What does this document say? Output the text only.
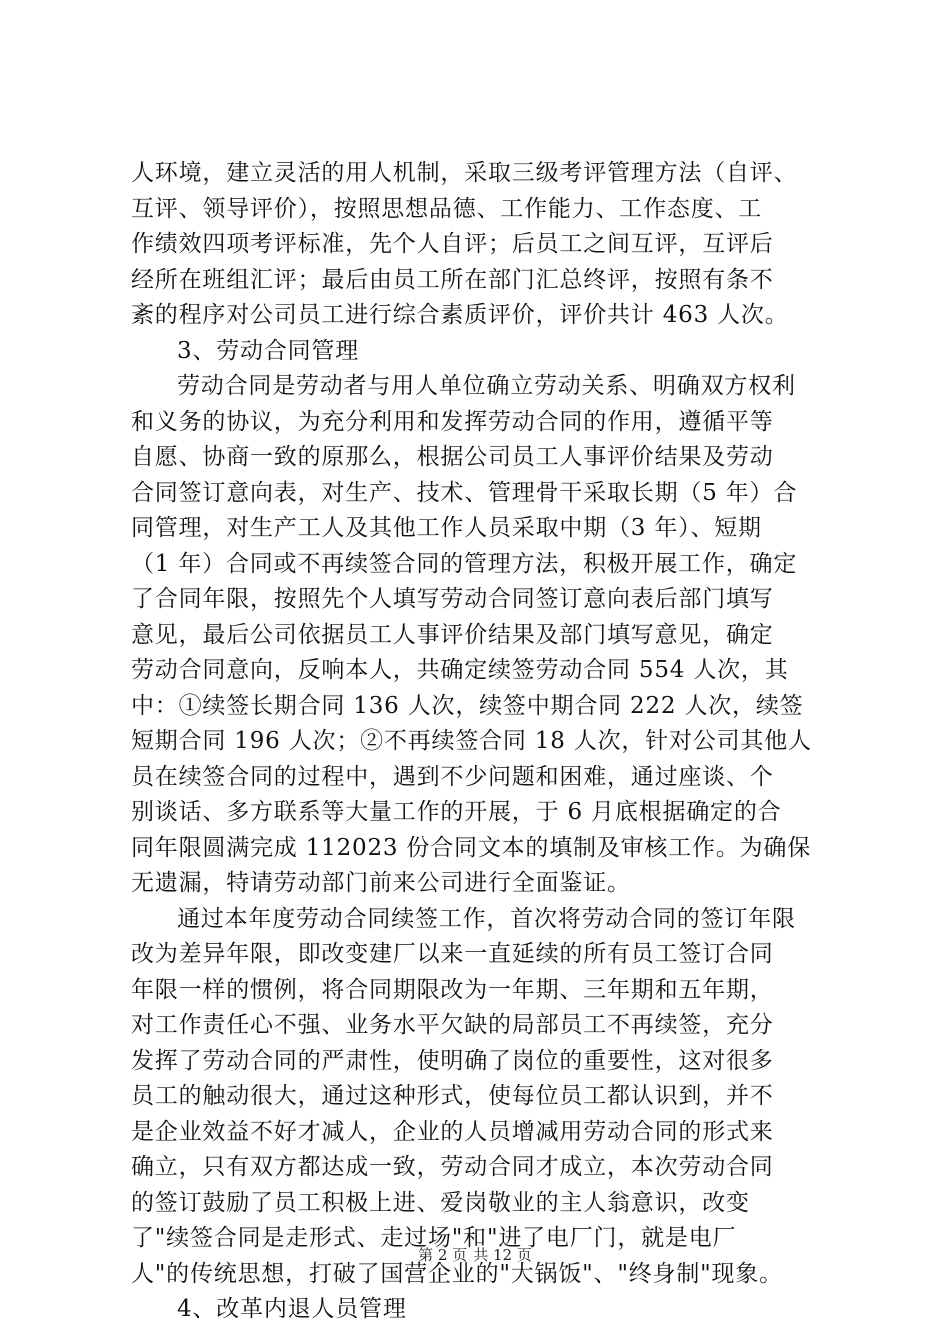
人环境，建立灵活的用人机制，采取三级考评管理方法（自评、
互评、领导评价），按照思想品德、工作能力、工作态度、工
作绩效四项考评标准，先个人自评；后员工之间互评，互评后
经所在班组汇评；最后由员工所在部门汇总终评，按照有条不
紊的程序对公司员工进行综合素质评价，评价共计 463 人次。
3、劳动合同管理
劳动合同是劳动者与用人单位确立劳动关系、明确双方权利
和义务的协议，为充分利用和发挥劳动合同的作用，遵循平等
自愿、协商一致的原那么，根据公司员工人事评价结果及劳动
合同签订意向表，对生产、技术、管理骨干采取长期（5 年）合
同管理，对生产工人及其他工作人员采取中期（3 年）、短期
（1 年）合同或不再续签合同的管理方法，积极开展工作，确定
了合同年限，按照先个人填写劳动合同签订意向表后部门填写
意见，最后公司依据员工人事评价结果及部门填写意见，确定
劳动合同意向，反响本人，共确定续签劳动合同 554 人次，其
中：①续签长期合同 136 人次，续签中期合同 222 人次，续签
短期合同 196 人次；②不再续签合同 18 人次，针对公司其他人
员在续签合同的过程中，遇到不少问题和困难，通过座谈、个
别谈话、多方联系等大量工作的开展，于 6 月底根据确定的合
同年限圆满完成 112023 份合同文本的填制及审核工作。为确保
无遗漏，特请劳动部门前来公司进行全面鉴证。
通过本年度劳动合同续签工作，首次将劳动合同的签订年限
改为差异年限，即改变建厂以来一直延续的所有员工签订合同
年限一样的惯例，将合同期限改为一年期、三年期和五年期，
对工作责任心不强、业务水平欠缺的局部员工不再续签，充分
发挥了劳动合同的严肃性，使明确了岗位的重要性，这对很多
员工的触动很大，通过这种形式，使每位员工都认识到，并不
是企业效益不好才减人，企业的人员增减用劳动合同的形式来
确立，只有双方都达成一致，劳动合同才成立，本次劳动合同
的签订鼓励了员工积极上进、爱岗敬业的主人翁意识，改变
了"续签合同是走形式、走过场"和"进了电厂门，就是电厂
人"的传统思想，打破了国营企业的"大锅饭"、"终身制"现象。
4、改革内退人员管理
第 2 页 共 12 页
